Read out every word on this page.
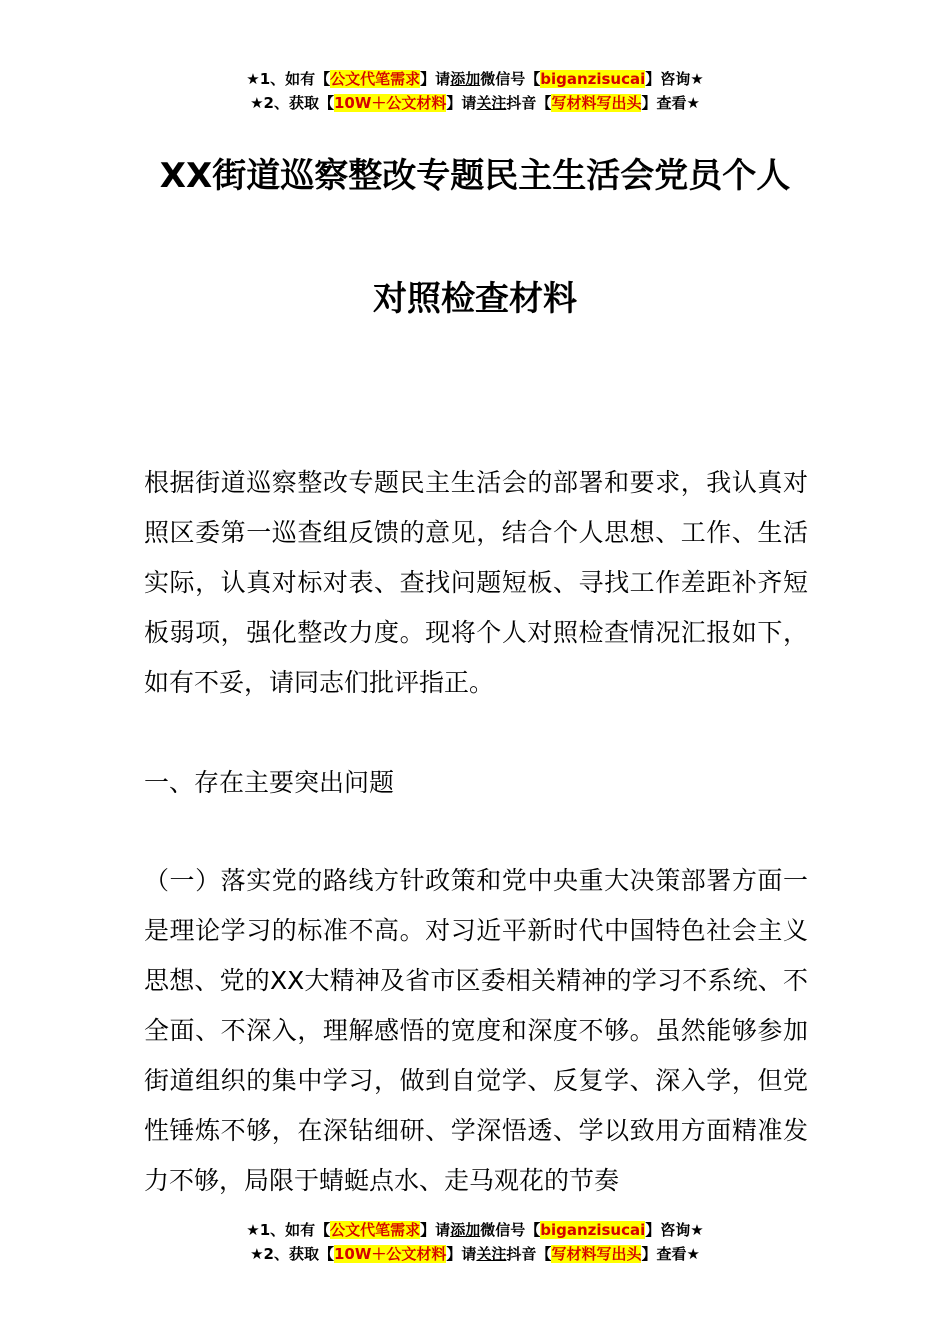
★1、如有【公文代笔需求】请添加微信号【biganzisucai】咨询★
★2、获取【10W＋公文材料】请关注抖音【写材料写出头】查看★
XX街道巡察整改专题民主生活会党员个人
对照检查材料

根据街道巡察整改专题民主生活会的部署和要求，我认真对照区委第一巡查组反馈的意见，结合个人思想、工作、生活实际，认真对标对表、查找问题短板、寻找工作差距补齐短板弱项，强化整改力度。现将个人对照检查情况汇报如下，如有不妥，请同志们批评指正。

一、存在主要突出问题

（一）落实党的路线方针政策和党中央重大决策部署方面一是理论学习的标准不高。对习近平新时代中国特色社会主义思想、党的XX大精神及省市区委相关精神的学习不系统、不全面、不深入，理解感悟的宽度和深度不够。虽然能够参加街道组织的集中学习，做到自觉学、反复学、深入学，但党性锤炼不够，在深钻细研、学深悟透、学以致用方面精准发力不够，局限于蜻蜓点水、走马观花的节奏

★1、如有【公文代笔需求】请添加微信号【biganzisucai】咨询★
★2、获取【10W＋公文材料】请关注抖音【写材料写出头】查看★
